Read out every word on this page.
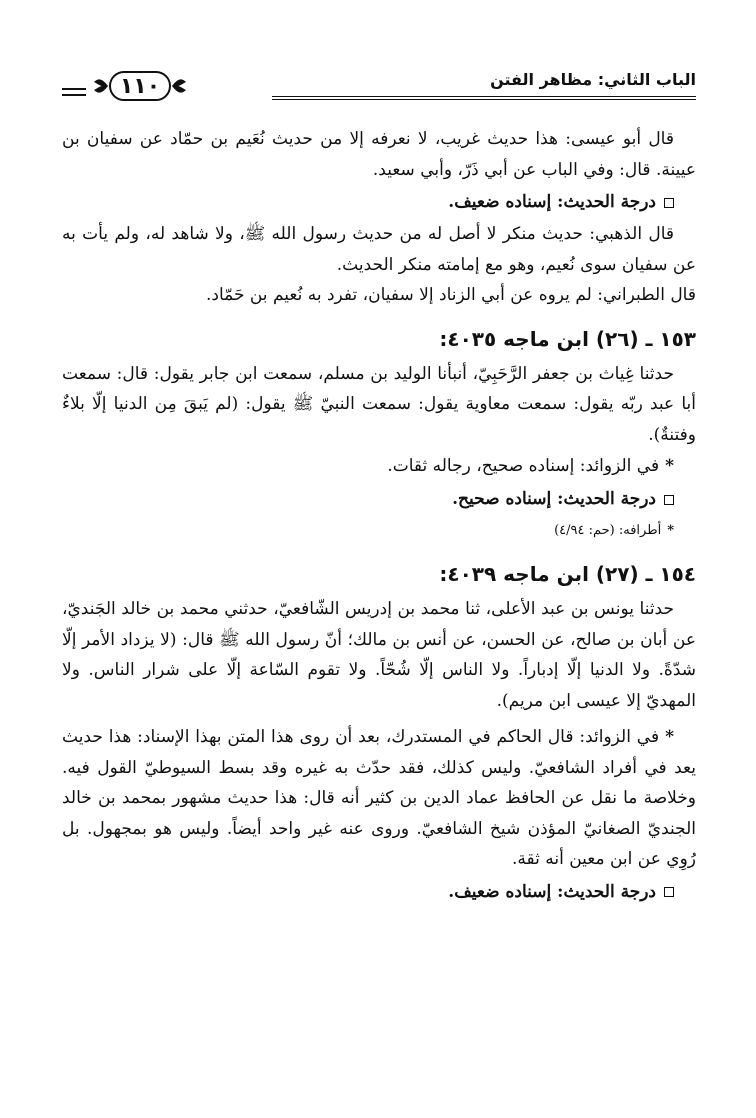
الباب الثاني: مظاهر الفتن
١١٠

قال أبو عيسى: هذا حديث غريب، لا نعرفه إلا من حديث نُعَيم بن حمّاد عن سفيان بن عيينة. قال: وفي الباب عن أبي ذَرّ، وأبي سعيد.

درجة الحديث: إسناده ضعيف.

قال الذهبي: حديث منكر لا أصل له من حديث رسول الله ﷺ، ولا شاهد له، ولم يأت به عن سفيان سوى نُعيم، وهو مع إمامته منكر الحديث.

قال الطبراني: لم يروه عن أبي الزناد إلا سفيان، تفرد به نُعيم بن حَمّاد.

١٥٣ ـ (٢٦) ابن ماجه ٤٠٣٥:

حدثنا غِياث بن جعفر الرَّحَبِيّ، أنبأنا الوليد بن مسلم، سمعت ابن جابر يقول: قال: سمعت أبا عبد ربّه يقول: سمعت معاوية يقول: سمعت النبيّ ﷺ يقول: (لم يَبقَ مِن الدنيا إلّا بلاءٌ وفتنةٌ).

*في الزوائد: إسناده صحيح، رجاله ثقات.
درجة الحديث: إسناده صحيح.
*أطرافه: (حم: ٤/٩٤)
١٥٤ ـ (٢٧) ابن ماجه ٤٠٣٩:

حدثنا يونس بن عبد الأعلى، ثنا محمد بن إدريس الشّافعيّ، حدثني محمد بن خالد الجَنديّ، عن أبان بن صالح، عن الحسن، عن أنس بن مالك؛ أنّ رسول الله ﷺ قال: (لا يزداد الأمر إلّا شدّةً. ولا الدنيا إلّا إدباراً. ولا الناس إلّا شُحّاً. ولا تقوم السّاعة إلّا على شرار الناس. ولا المهديّ إلا عيسى ابن مريم).

*في الزوائد: قال الحاكم في المستدرك، بعد أن روى هذا المتن بهذا الإسناد: هذا حديث يعد في أفراد الشافعيّ. وليس كذلك، فقد حدّث به غيره وقد بسط السيوطيّ القول فيه. وخلاصة ما نقل عن الحافظ عماد الدين بن كثير أنه قال: هذا حديث مشهور بمحمد بن خالد الجنديّ الصغانيّ المؤذن شيخ الشافعيّ. وروى عنه غير واحد أيضاً. وليس هو بمجهول. بل رُوِي عن ابن معين أنه ثقة.

درجة الحديث: إسناده ضعيف.
